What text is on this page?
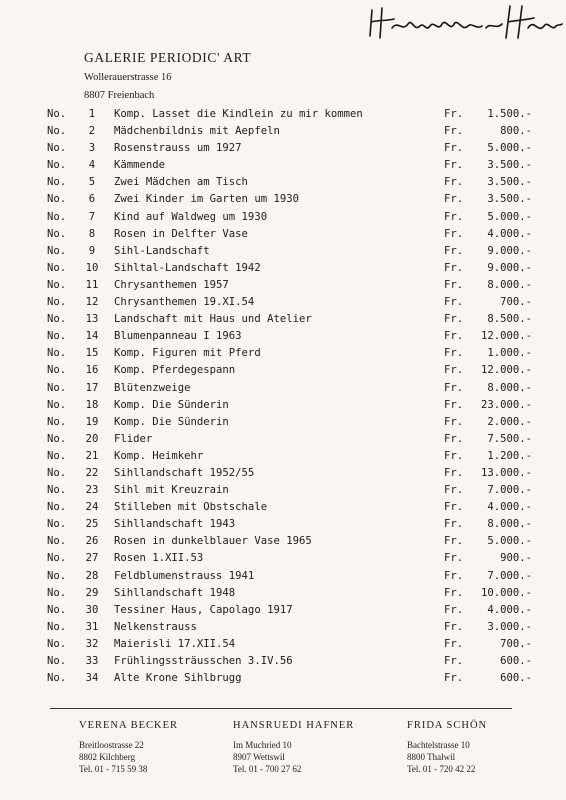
GALERIE PERIODIC' ART

Wollerauerstrasse 16

8807 Freienbach

No.	1	Komp. Lasset die Kindlein zu mir kommen	Fr.	1.500.-
No.	2	Mädchenbildnis mit Aepfeln	Fr.	800.-
No.	3	Rosenstrauss um 1927	Fr.	5.000.-
No.	4	Kämmende	Fr.	3.500.-
No.	5	Zwei Mädchen am Tisch	Fr.	3.500.-
No.	6	Zwei Kinder im Garten um 1930	Fr.	3.500.-
No.	7	Kind auf Waldweg um 1930	Fr.	5.000.-
No.	8	Rosen in Delfter Vase	Fr.	4.000.-
No.	9	Sihl-Landschaft	Fr.	9.000.-
No. 10 Sihltal-Landschaft 1942	Fr.	9.000.-
No. 11 Chrysanthemen 1957	Fr.	8.000.-
No. 12 Chrysanthemen 19.XI.54	Fr.	700.-
No. 13 Landschaft mit Haus und Atelier	Fr.	8.500.-
No. 14 Blumenpanneau I 1963	Fr.	12.000.-
No. 15 Komp. Figuren mit Pferd	Fr.	1.000.-
No. 16 Komp. Pferdegespann	Fr.	12.000.-
No. 17 Blütenzweige	Fr.	8.000.-
No. 18 Komp. Die Sünderin	Fr.	23.000.-
No. 19 Komp. Die Sünderin	Fr.	2.000.-
No. 20 Flider	Fr.	7.500.-
No. 21 Komp. Heimkehr	Fr.	1.200.-
No. 22 Sihllandschaft 1952/55	Fr.	13.000.-
No. 23 Sihl mit Kreuzrain	Fr.	7.000.-
No. 24 Stilleben mit Obstschale	Fr.	4.000.-
No. 25 Sihllandschaft 1943	Fr.	8.000.-
No. 26 Rosen in dunkelblauer Vase 1965	Fr.	5.000.-
No. 27 Rosen 1.XII.53	Fr.	900.-
No. 28 Feldblumenstrauss 1941	Fr.	7.000.-
No. 29 Sihllandschaft 1948	Fr.	10.000.-
No. 30 Tessiner Haus, Capolago 1917	Fr.	4.000.-
No. 31 Nelkenstrauss	Fr.	3.000.-
No. 32 Maierisli 17.XII.54	Fr.	700.-
No. 33 Frühlingssträusschen 3.IV.56	Fr.	600.-
No. 34 Alte Krone Sihlbrugg	Fr.	600.-

VERENA BECKER

Breitloostrasse 22

8802 Kilchberg

Tel. 01 - 715 59 38

HANSRUEDI HAFNER

Im Muchried 10

8907 Wettswil

Tel. 01 - 700 27 62

FRIDA SCHÖN

Bachtelstrasse 10

8800 Thalwil

Tel. 01 - 720 42 22
